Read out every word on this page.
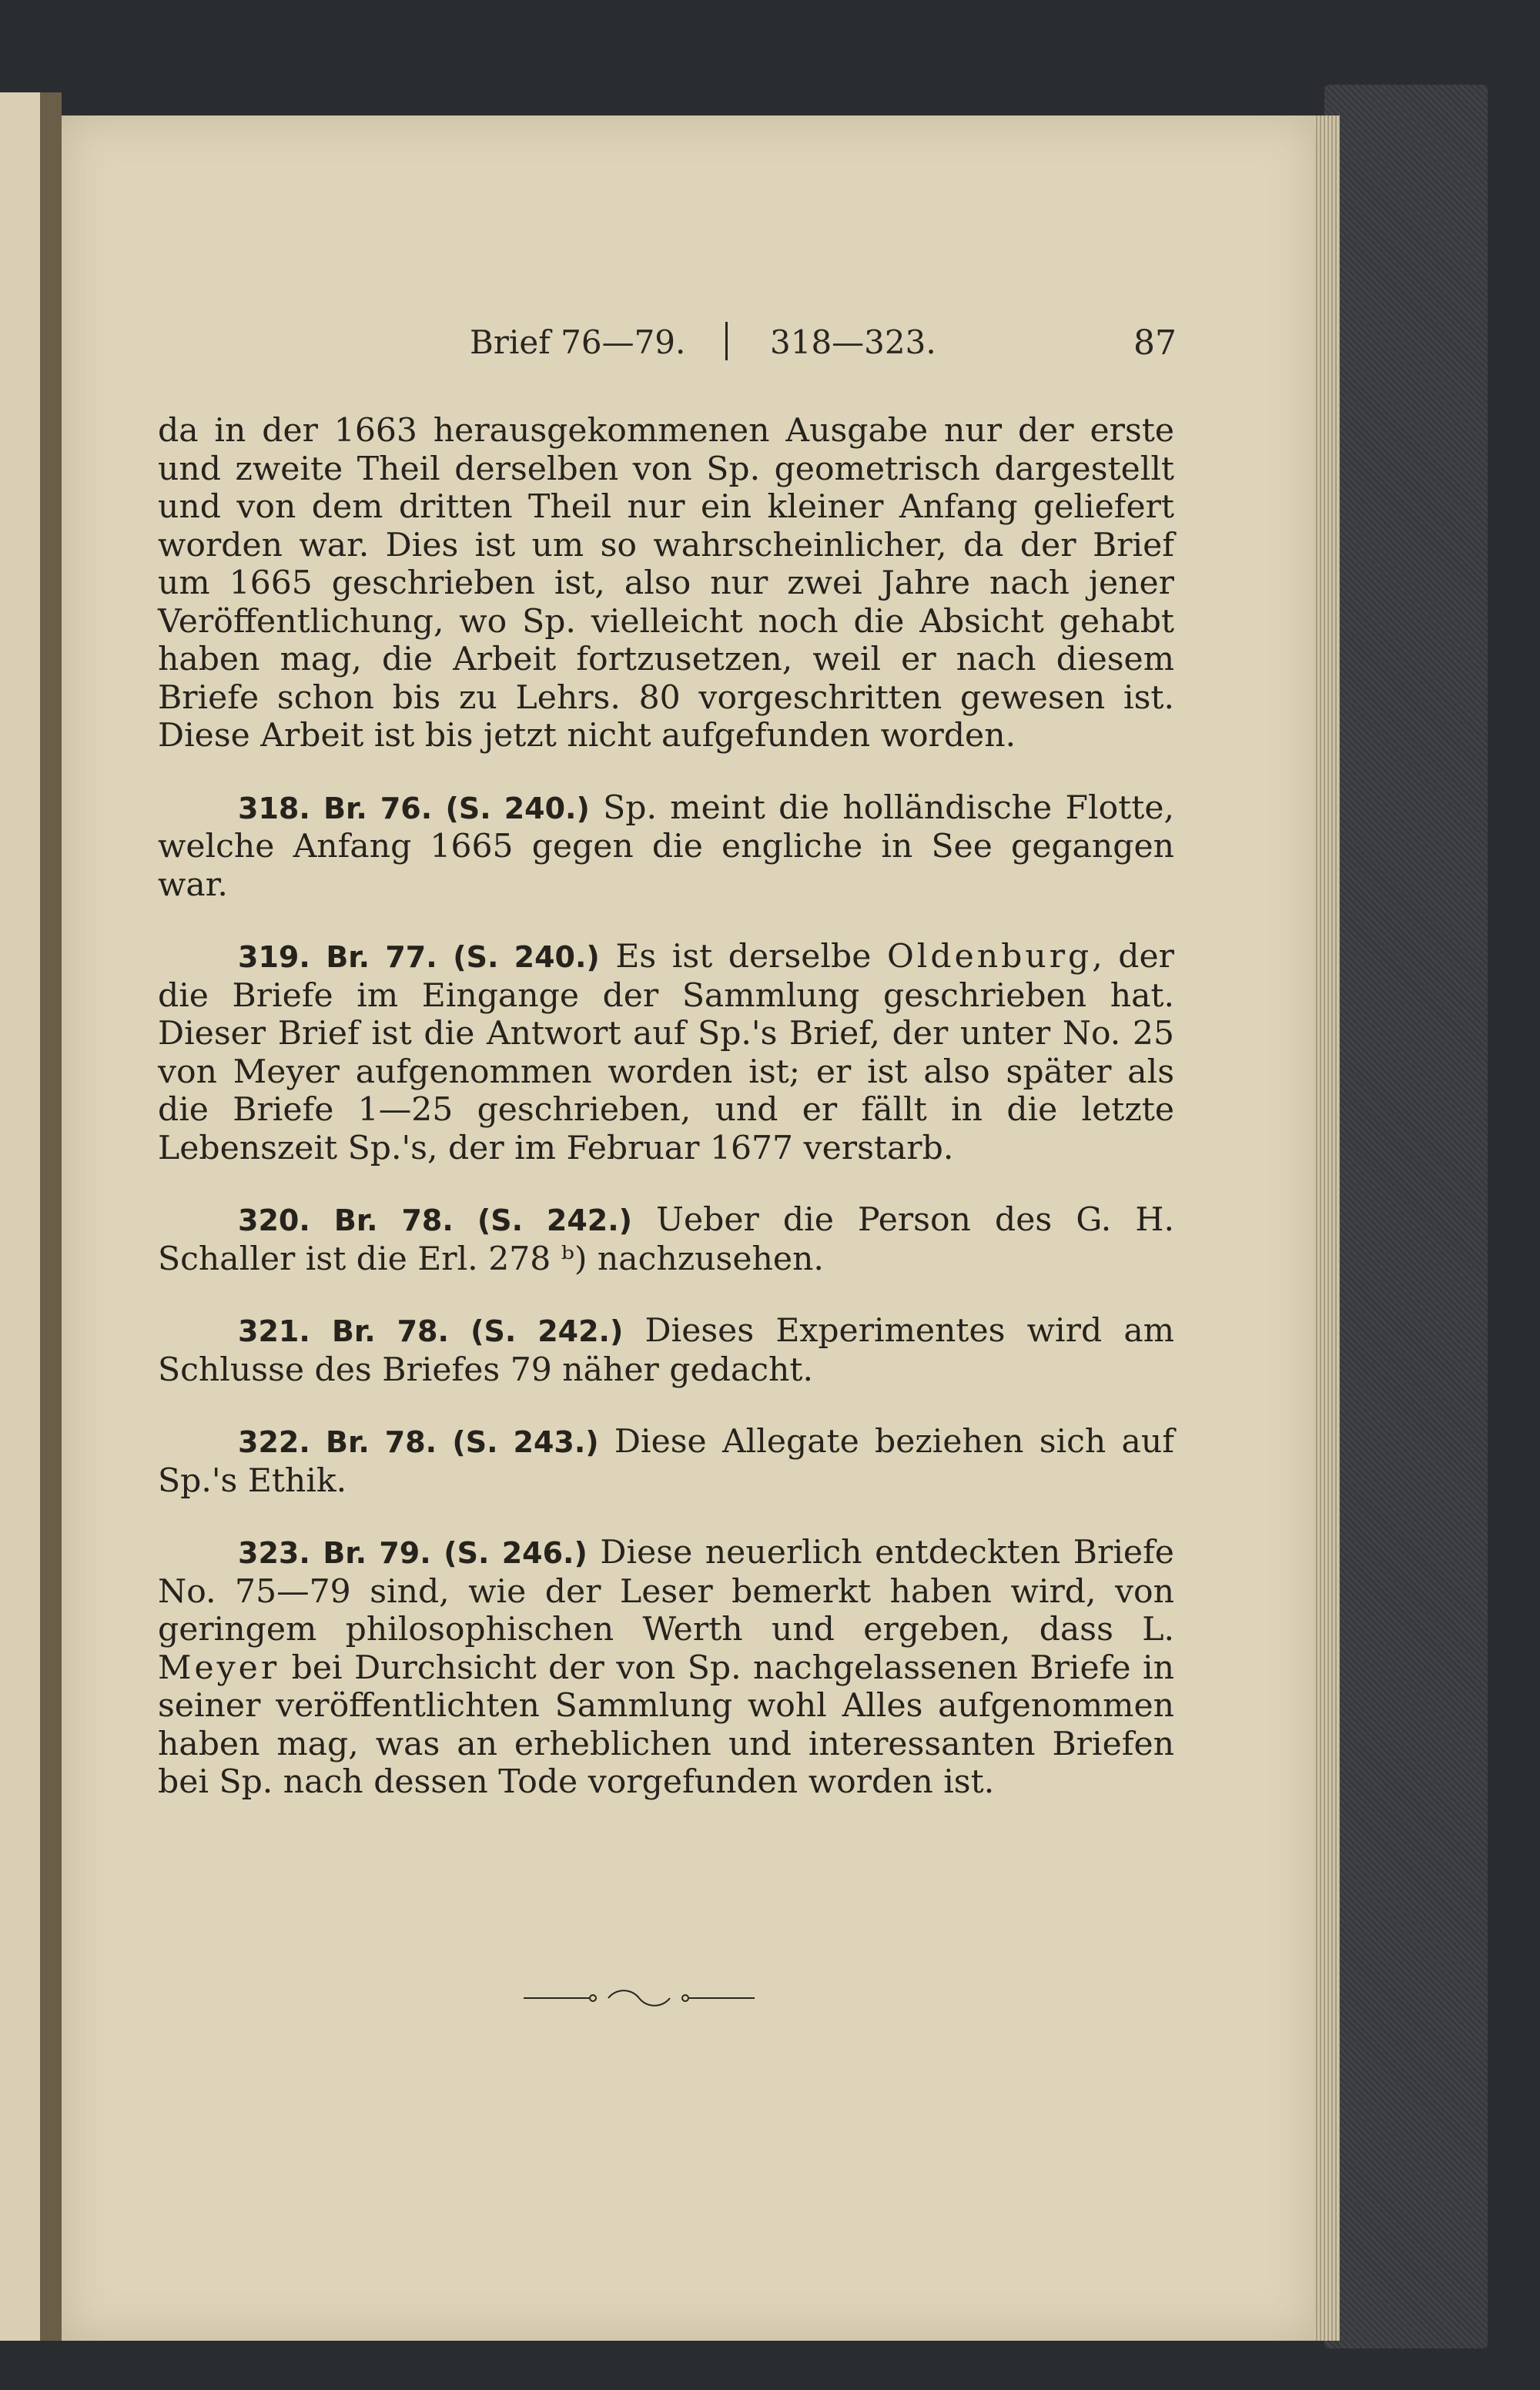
Brief 76—79.	318—323.	87

da in der 1663 herausgekommenen Ausgabe nur der erste und zweite Theil derselben von Sp. geometrisch dargestellt und von dem dritten Theil nur ein kleiner Anfang geliefert worden war. Dies ist um so wahrscheinlicher, da der Brief um 1665 geschrieben ist, also nur zwei Jahre nach jener Veröffentlichung, wo Sp. vielleicht noch die Absicht gehabt haben mag, die Arbeit fortzusetzen, weil er nach diesem Briefe schon bis zu Lehrs. 80 vorgeschritten gewesen ist. Diese Arbeit ist bis jetzt nicht aufgefunden worden.

318. Br. 76. (S. 240.) Sp. meint die holländische Flotte, welche Anfang 1665 gegen die engliche in See gegangen war.

319. Br. 77. (S. 240.) Es ist derselbe Oldenburg, der die Briefe im Eingange der Sammlung geschrieben hat. Dieser Brief ist die Antwort auf Sp.'s Brief, der unter No. 25 von Meyer aufgenommen worden ist; er ist also später als die Briefe 1—25 geschrieben, und er fällt in die letzte Lebenszeit Sp.'s, der im Februar 1677 verstarb.

320. Br. 78. (S. 242.) Ueber die Person des G. H. Schaller ist die Erl. 278 ᵇ) nachzusehen.

321. Br. 78. (S. 242.) Dieses Experimentes wird am Schlusse des Briefes 79 näher gedacht.

322. Br. 78. (S. 243.) Diese Allegate beziehen sich auf Sp.'s Ethik.

323. Br. 79. (S. 246.) Diese neuerlich entdeckten Briefe No. 75—79 sind, wie der Leser bemerkt haben wird, von geringem philosophischen Werth und ergeben, dass L. Meyer bei Durchsicht der von Sp. nachgelassenen Briefe in seiner veröffentlichten Sammlung wohl Alles aufgenommen haben mag, was an erheblichen und interessanten Briefen bei Sp. nach dessen Tode vorgefunden worden ist.
